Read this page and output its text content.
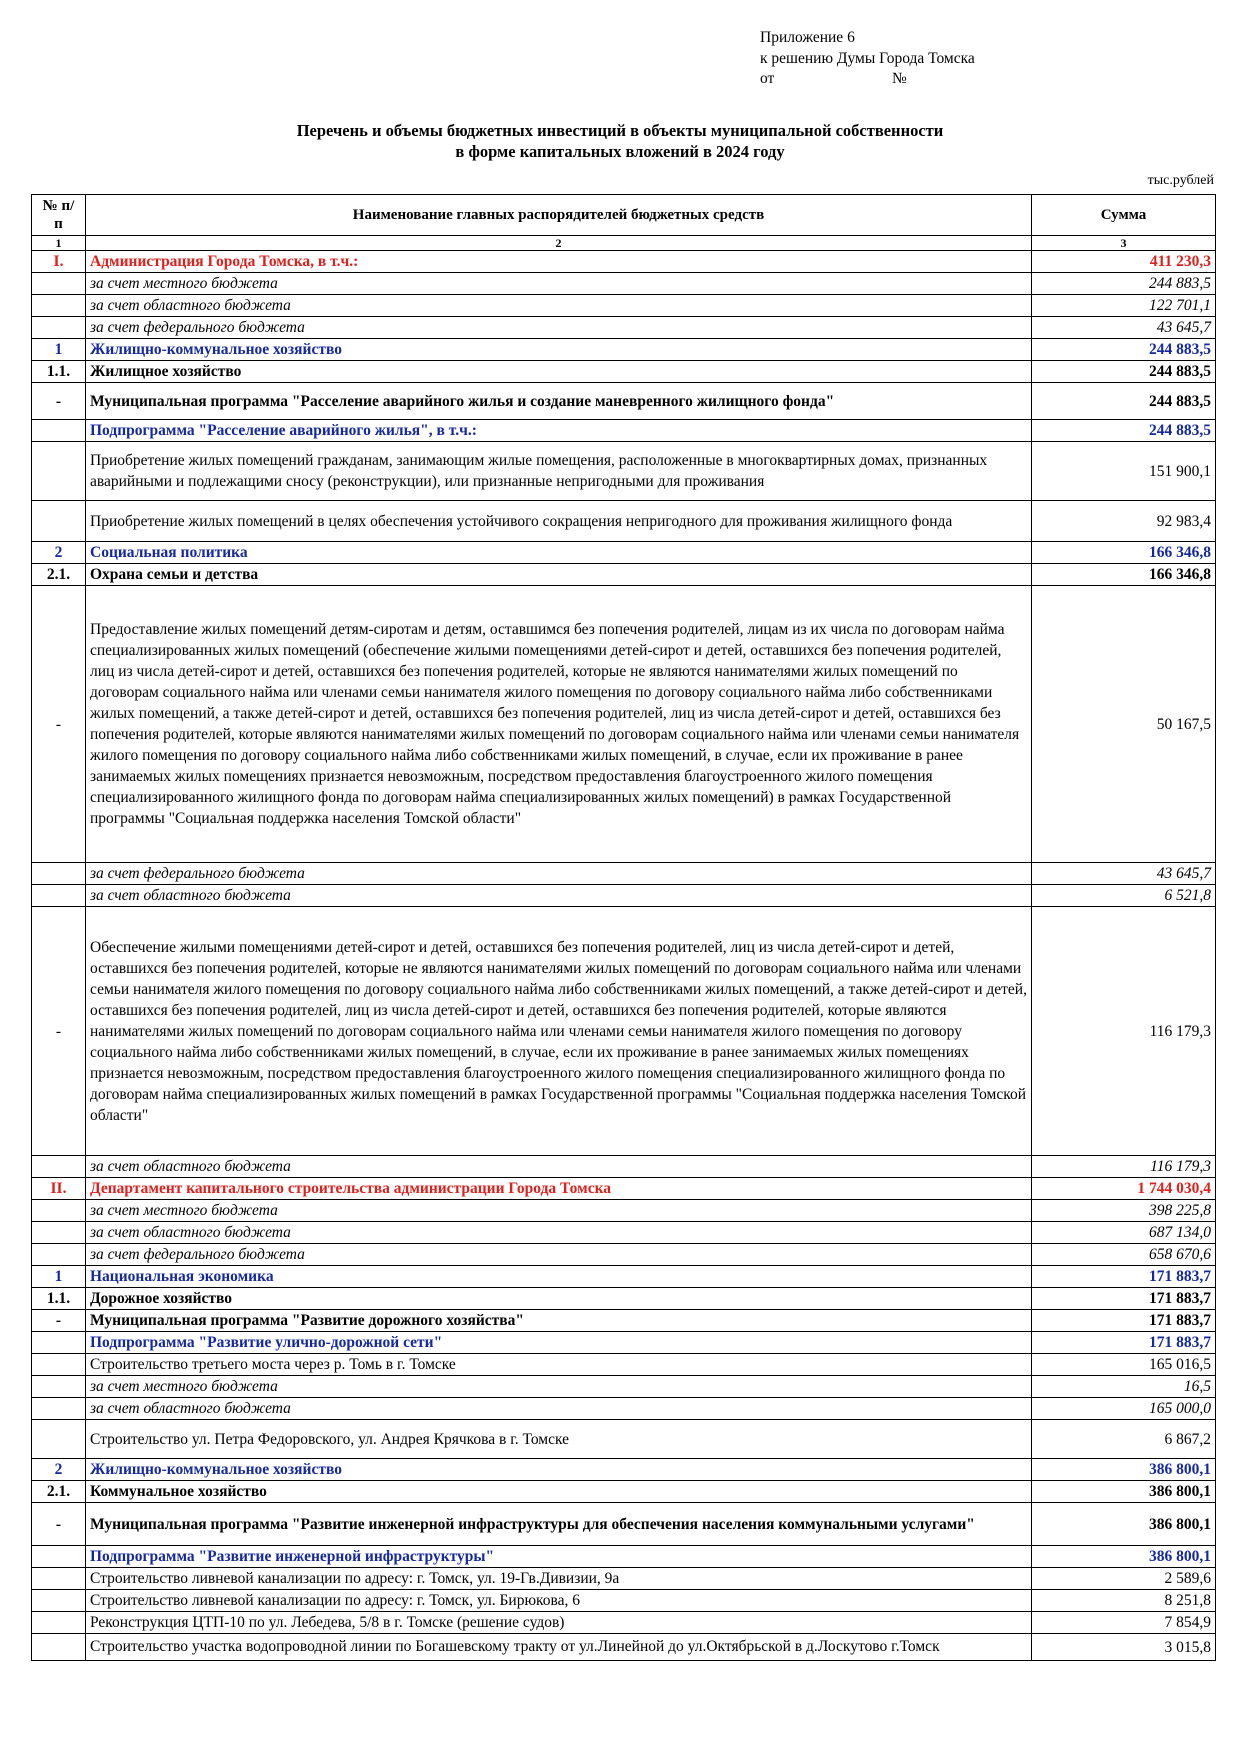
Приложение 6
к решению Думы Города Томска
от	№
Перечень и объемы бюджетных инвестиций в объекты муниципальной собственности
в форме капитальных вложений в 2024 году
тыс.рублей
№ п/п	Наименование главных распорядителей бюджетных средств	Сумма
1	2	3
I.	Администрация Города Томска, в т.ч.:	411 230,3
	за счет местного бюджета	244 883,5
	за счет областного бюджета	122 701,1
	за счет федерального бюджета	43 645,7
1	Жилищно-коммунальное хозяйство	244 883,5
1.1.	Жилищное хозяйство	244 883,5
-	Муниципальная программа "Расселение аварийного жилья и создание маневренного жилищного фонда"	244 883,5
	Подпрограмма "Расселение аварийного жилья", в т.ч.:	244 883,5
	Приобретение жилых помещений гражданам, занимающим жилые помещения, расположенные в многоквартирных домах, признанных аварийными и подлежащими сносу (реконструкции), или признанные непригодными для проживания	151 900,1
	Приобретение жилых помещений в целях обеспечения устойчивого сокращения непригодного для проживания жилищного фонда	92 983,4
2	Социальная политика	166 346,8
2.1.	Охрана семьи и детства	166 346,8
-	Предоставление жилых помещений детям-сиротам и детям, оставшимся без попечения родителей, лицам из их числа по договорам найма специализированных жилых помещений (обеспечение жилыми помещениями детей-сирот и детей, оставшихся без попечения родителей, лиц из числа детей-сирот и детей, оставшихся без попечения родителей, которые не являются нанимателями жилых помещений по договорам социального найма или членами семьи нанимателя жилого помещения по договору социального найма либо собственниками жилых помещений, а также детей-сирот и детей, оставшихся без попечения родителей, лиц из числа детей-сирот и детей, оставшихся без попечения родителей, которые являются нанимателями жилых помещений по договорам социального найма или членами семьи нанимателя жилого помещения по договору социального найма либо собственниками жилых помещений, в случае, если их проживание в ранее занимаемых жилых помещениях признается невозможным, посредством предоставления благоустроенного жилого помещения специализированного жилищного фонда по договорам найма специализированных жилых помещений) в рамках Государственной программы "Социальная поддержка населения Томской области"	50 167,5
	за счет федерального бюджета	43 645,7
	за счет областного бюджета	6 521,8
-	Обеспечение жилыми помещениями детей-сирот и детей, оставшихся без попечения родителей, лиц из числа детей-сирот и детей, оставшихся без попечения родителей, которые не являются нанимателями жилых помещений по договорам социального найма или членами семьи нанимателя жилого помещения по договору социального найма либо собственниками жилых помещений, а также детей-сирот и детей, оставшихся без попечения родителей, лиц из числа детей-сирот и детей, оставшихся без попечения родителей, которые являются нанимателями жилых помещений по договорам социального найма или членами семьи нанимателя жилого помещения по договору социального найма либо собственниками жилых помещений, в случае, если их проживание в ранее занимаемых жилых помещениях признается невозможным, посредством предоставления благоустроенного жилого помещения специализированного жилищного фонда по договорам найма специализированных жилых помещений в рамках Государственной программы "Социальная поддержка населения Томской области"	116 179,3
	за счет областного бюджета	116 179,3
II.	Департамент капитального строительства администрации Города Томска	1 744 030,4
	за счет местного бюджета	398 225,8
	за счет областного бюджета	687 134,0
	за счет федерального бюджета	658 670,6
1	Национальная экономика	171 883,7
1.1.	Дорожное хозяйство	171 883,7
-	Муниципальная программа "Развитие дорожного хозяйства"	171 883,7
	Подпрограмма "Развитие улично-дорожной сети"	171 883,7
	Строительство третьего моста через р. Томь в г. Томске	165 016,5
	за счет местного бюджета	16,5
	за счет областного бюджета	165 000,0
	Строительство ул. Петра Федоровского, ул. Андрея Крячкова в г. Томске	6 867,2
2	Жилищно-коммунальное хозяйство	386 800,1
2.1.	Коммунальное хозяйство	386 800,1
-	Муниципальная программа "Развитие инженерной инфраструктуры для обеспечения населения коммунальными услугами"	386 800,1
	Подпрограмма "Развитие инженерной инфраструктуры"	386 800,1
	Строительство ливневой канализации по адресу: г. Томск, ул. 19-Гв.Дивизии, 9а	2 589,6
	Строительство ливневой канализации по адресу: г. Томск, ул. Бирюкова, 6	8 251,8
	Реконструкция ЦТП-10 по ул. Лебедева, 5/8 в г. Томске (решение судов)	7 854,9
	Строительство участка водопроводной линии по Богашевскому тракту от ул.Линейной до ул.Октябрьской в д.Лоскутово г.Томск	3 015,8
